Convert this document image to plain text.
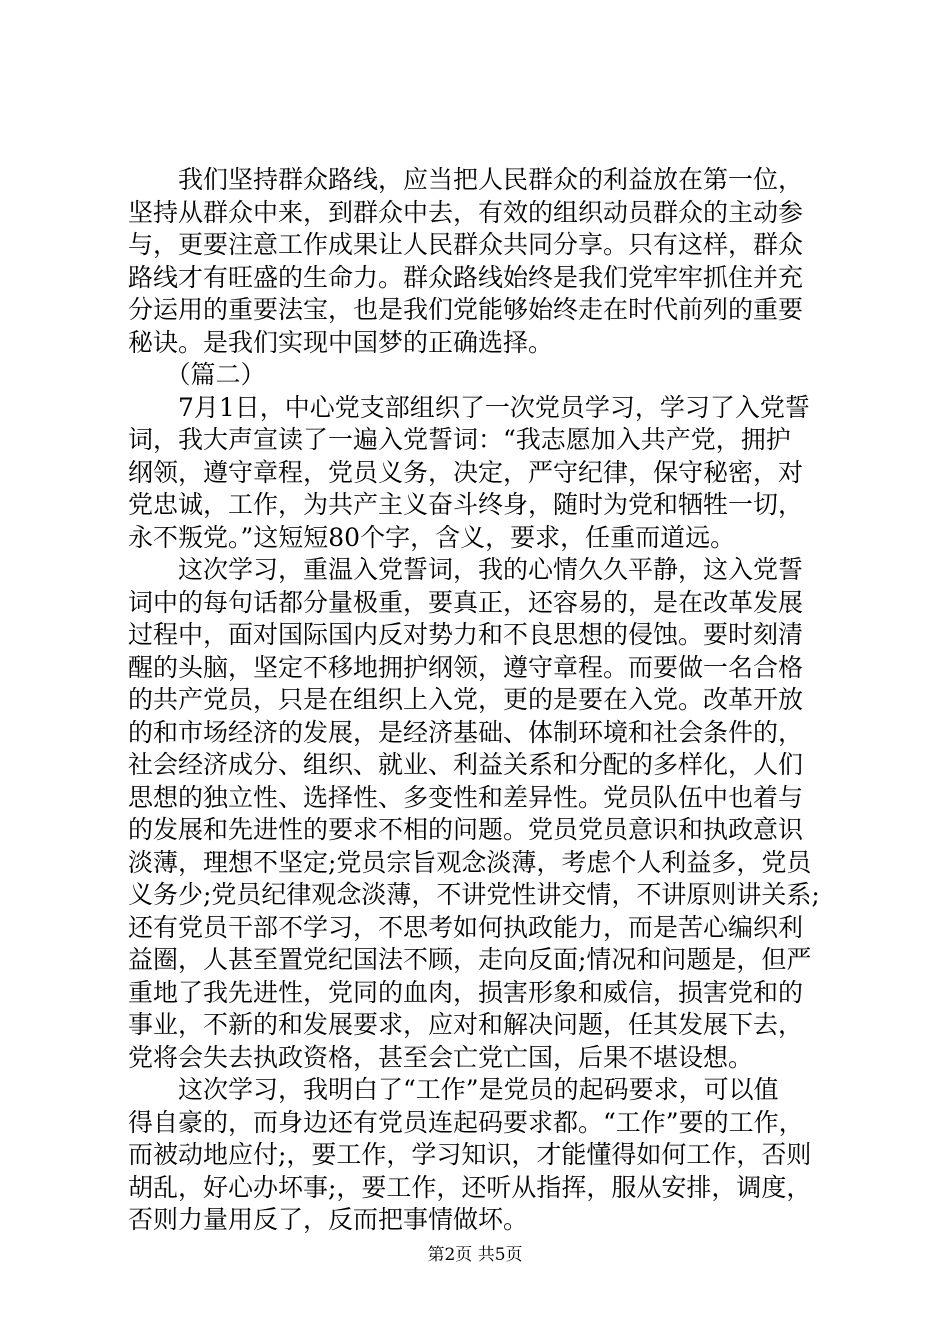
　　我们坚持群众路线，应当把人民群众的利益放在第一位，
坚持从群众中来，到群众中去，有效的组织动员群众的主动参
与，更要注意工作成果让人民群众共同分享。只有这样，群众
路线才有旺盛的生命力。群众路线始终是我们党牢牢抓住并充
分运用的重要法宝，也是我们党能够始终走在时代前列的重要
秘诀。是我们实现中国梦的正确选择。
　　（篇二）
　　7月1日，中心党支部组织了一次党员学习，学习了入党誓
词，我大声宣读了一遍入党誓词：“我志愿加入共产党，拥护
纲领，遵守章程，党员义务，决定，严守纪律，保守秘密，对
党忠诚，工作，为共产主义奋斗终身，随时为党和牺牲一切，
永不叛党。”这短短80个字，含义，要求，任重而道远。
　　这次学习，重温入党誓词，我的心情久久平静，这入党誓
词中的每句话都分量极重，要真正，还容易的，是在改革发展
过程中，面对国际国内反对势力和不良思想的侵蚀。要时刻清
醒的头脑，坚定不移地拥护纲领，遵守章程。而要做一名合格
的共产党员，只是在组织上入党，更的是要在入党。改革开放
的和市场经济的发展，是经济基础、体制环境和社会条件的，
社会经济成分、组织、就业、利益关系和分配的多样化，人们
思想的独立性、选择性、多变性和差异性。党员队伍中也着与
的发展和先进性的要求不相的问题。党员党员意识和执政意识
淡薄，理想不坚定;党员宗旨观念淡薄，考虑个人利益多，党员
义务少;党员纪律观念淡薄，不讲党性讲交情，不讲原则讲关系;
还有党员干部不学习，不思考如何执政能力，而是苦心编织利
益圈，人甚至置党纪国法不顾，走向反面;情况和问题是，但严
重地了我先进性，党同的血肉，损害形象和威信，损害党和的
事业，不新的和发展要求，应对和解决问题，任其发展下去，
党将会失去执政资格，甚至会亡党亡国，后果不堪设想。
　　这次学习，我明白了“工作”是党员的起码要求，可以值
得自豪的，而身边还有党员连起码要求都。“工作”要的工作，
而被动地应付;，要工作，学习知识，才能懂得如何工作，否则
胡乱，好心办坏事;，要工作，还听从指挥，服从安排，调度，
否则力量用反了，反而把事情做坏。
第2页 共5页
